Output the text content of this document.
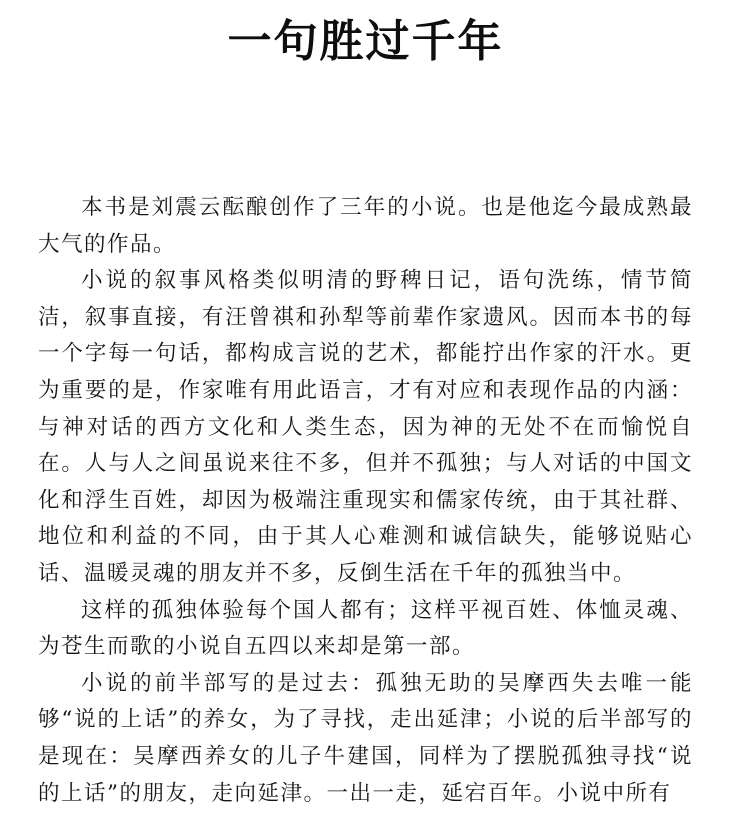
一句胜过千年

本书是刘震云酝酿创作了三年的小说。也是他迄今最成熟最大气的作品。

小说的叙事风格类似明清的野稗日记，语句洗练，情节简洁，叙事直接，有汪曾祺和孙犁等前辈作家遗风。因而本书的每一个字每一句话，都构成言说的艺术，都能拧出作家的汗水。更为重要的是，作家唯有用此语言，才有对应和表现作品的内涵：与神对话的西方文化和人类生态，因为神的无处不在而愉悦自在。人与人之间虽说来往不多，但并不孤独；与人对话的中国文化和浮生百姓，却因为极端注重现实和儒家传统，由于其社群、地位和利益的不同，由于其人心难测和诚信缺失，能够说贴心话、温暖灵魂的朋友并不多，反倒生活在千年的孤独当中。

这样的孤独体验每个国人都有；这样平视百姓、体恤灵魂、为苍生而歌的小说自五四以来却是第一部。

小说的前半部写的是过去：孤独无助的吴摩西失去唯一能够“说的上话”的养女，为了寻找，走出延津；小说的后半部写的是现在：吴摩西养女的儿子牛建国，同样为了摆脱孤独寻找“说的上话”的朋友，走向延津。一出一走，延宕百年。小说中所有
